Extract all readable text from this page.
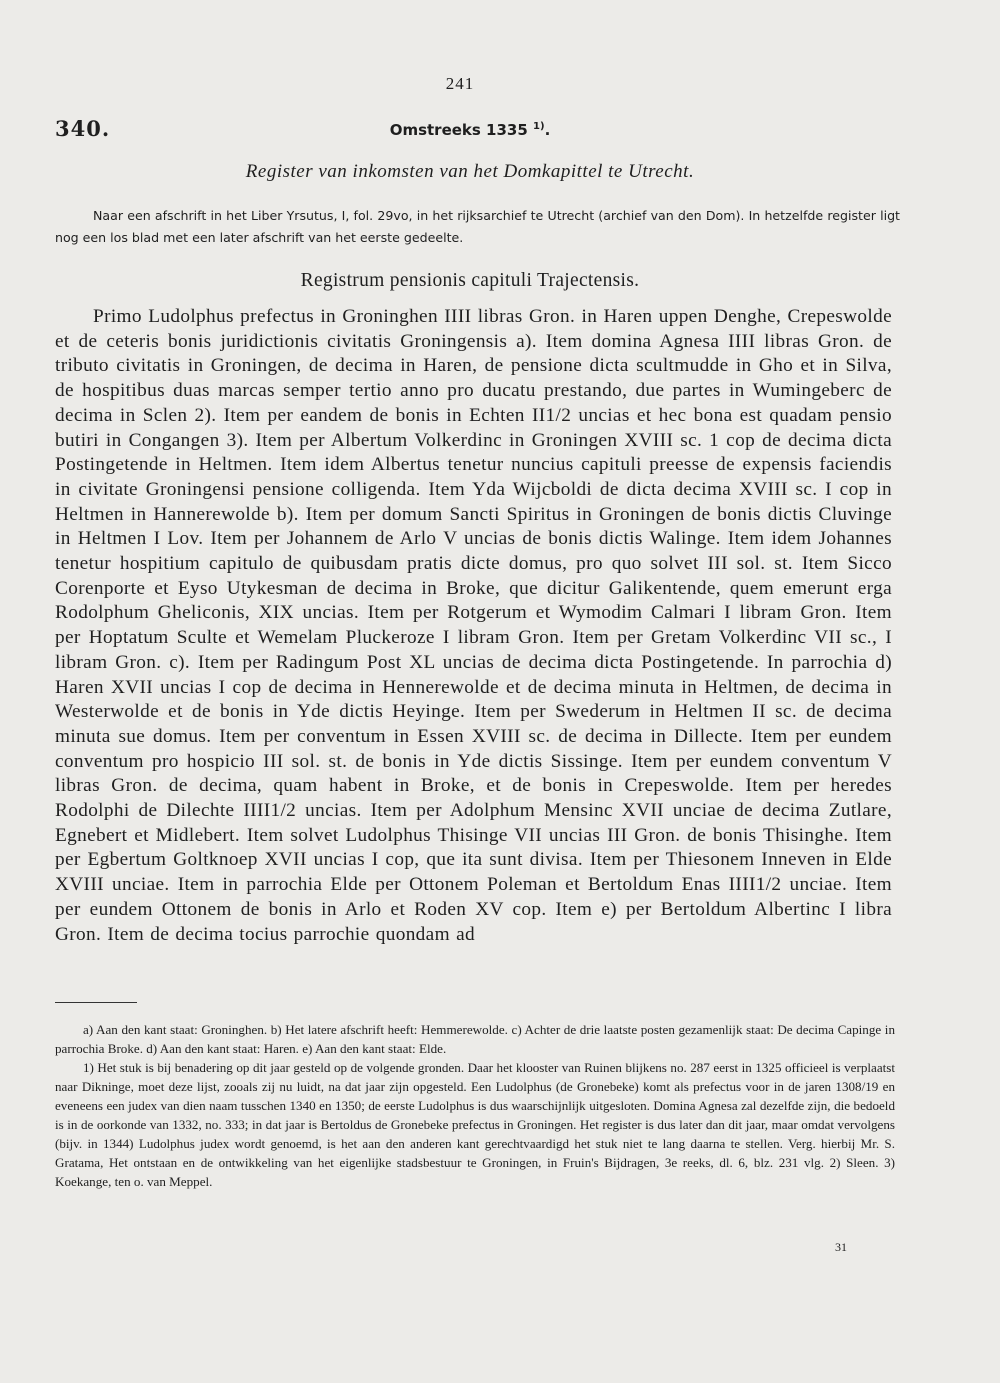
241
340.	Omstreeks 1335 $^{1)}$.
Register van inkomsten van het Domkapittel te Utrecht.
Naar een afschrift in het Liber Yrsutus, I, fol. 29vo, in het rijksarchief te Utrecht (archief van den Dom). In hetzelfde register ligt nog een los blad met een later afschrift van het eerste gedeelte.
Registrum pensionis capituli Trajectensis.
Primo Ludolphus prefectus in Groninghen IIII libras Gron. in Haren uppen Denghe, Crepeswolde et de ceteris bonis juridictionis civitatis Groningensis a). Item domina Agnesa IIII libras Gron. de tributo civitatis in Groningen, de decima in Haren, de pensione dicta scultmudde in Gho et in Silva, de hospitibus duas marcas semper tertio anno pro ducatu prestando, due partes in Wumingeberc de decima in Sclen 2). Item per eandem de bonis in Echten II1/2 uncias et hec bona est quadam pensio butiri in Congangen 3). Item per Albertum Volkerdinc in Groningen XVIII sc. 1 cop de decima dicta Postingetende in Heltmen. Item idem Albertus tenetur nuncius capituli preesse de expensis faciendis in civitate Groningensi pensione colligenda. Item Yda Wijcboldi de dicta decima XVIII sc. I cop in Heltmen in Hannerewolde b). Item per domum Sancti Spiritus in Groningen de bonis dictis Cluvinge in Heltmen I Lov. Item per Johannem de Arlo V uncias de bonis dictis Walinge. Item idem Johannes tenetur hospitium capitulo de quibusdam pratis dicte domus, pro quo solvet III sol. st. Item Sicco Corenporte et Eyso Utykesman de decima in Broke, que dicitur Galikentende, quem emerunt erga Rodolphum Gheliconis, XIX uncias. Item per Rotgerum et Wymodim Calmari I libram Gron. Item per Hoptatum Sculte et Wemelam Pluckeroze I libram Gron. Item per Gretam Volkerdinc VII sc., I libram Gron. c). Item per Radingum Post XL uncias de decima dicta Postingetende. In parrochia d) Haren XVII uncias I cop de decima in Hennerewolde et de decima minuta in Heltmen, de decima in Westerwolde et de bonis in Yde dictis Heyinge. Item per Swederum in Heltmen II sc. de decima minuta sue domus. Item per conventum in Essen XVIII sc. de decima in Dillecte. Item per eundem conventum pro hospicio III sol. st. de bonis in Yde dictis Sissinge. Item per eundem conventum V libras Gron. de decima, quam habent in Broke, et de bonis in Crepeswolde. Item per heredes Rodolphi de Dilechte IIII1/2 uncias. Item per Adolphum Mensinc XVII unciae de decima Zutlare, Egnebert et Midlebert. Item solvet Ludolphus Thisinge VII uncias III Gron. de bonis Thisinghe. Item per Egbertum Goltknoep XVII uncias I cop, que ita sunt divisa. Item per Thiesonem Inneven in Elde XVIII unciae. Item in parrochia Elde per Ottonem Poleman et Bertoldum Enas IIII1/2 unciae. Item per eundem Ottonem de bonis in Arlo et Roden XV cop. Item e) per Bertoldum Albertinc I libra Gron. Item de decima tocius parrochie quondam ad
a) Aan den kant staat: Groninghen. b) Het latere afschrift heeft: Hemmerewolde. c) Achter de drie laatste posten gezamenlijk staat: De decima Capinge in parrochia Broke. d) Aan den kant staat: Haren. e) Aan den kant staat: Elde.
1) Het stuk is bij benadering op dit jaar gesteld op de volgende gronden. Daar het klooster van Ruinen blijkens no. 287 eerst in 1325 officieel is verplaatst naar Dikninge, moet deze lijst, zooals zij nu luidt, na dat jaar zijn opgesteld. Een Ludolphus (de Gronebeke) komt als prefectus voor in de jaren 1308/19 en eveneens een judex van dien naam tusschen 1340 en 1350; de eerste Ludolphus is dus waarschijnlijk uitgesloten. Domina Agnesa zal dezelfde zijn, die bedoeld is in de oorkonde van 1332, no. 333; in dat jaar is Bertoldus de Gronebeke prefectus in Groningen. Het register is dus later dan dit jaar, maar omdat vervolgens (bijv. in 1344) Ludolphus judex wordt genoemd, is het aan den anderen kant gerechtvaardigd het stuk niet te lang daarna te stellen. Verg. hierbij Mr. S. Gratama, Het ontstaan en de ontwikkeling van het eigenlijke stadsbestuur te Groningen, in Fruin's Bijdragen, 3e reeks, dl. 6, blz. 231 vlg. 2) Sleen. 3) Koekange, ten o. van Meppel.
31
